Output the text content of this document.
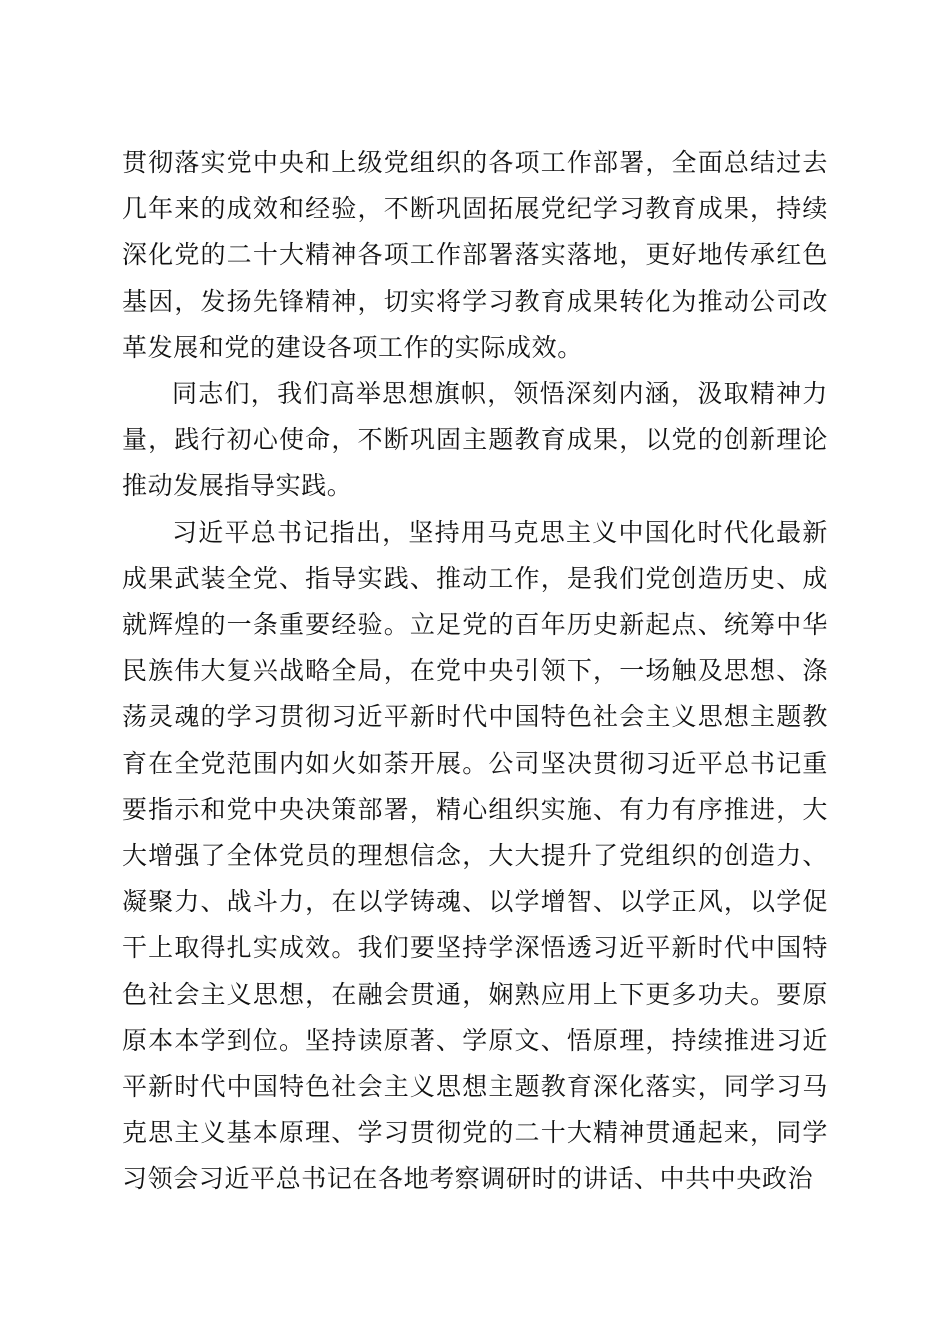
贯彻落实党中央和上级党组织的各项工作部署，全面总结过去几年来的成效和经验，不断巩固拓展党纪学习教育成果，持续深化党的二十大精神各项工作部署落实落地，更好地传承红色基因，发扬先锋精神，切实将学习教育成果转化为推动公司改革发展和党的建设各项工作的实际成效。

同志们，我们高举思想旗帜，领悟深刻内涵，汲取精神力量，践行初心使命，不断巩固主题教育成果，以党的创新理论推动发展指导实践。

习近平总书记指出，坚持用马克思主义中国化时代化最新成果武装全党、指导实践、推动工作，是我们党创造历史、成就辉煌的一条重要经验。立足党的百年历史新起点、统筹中华民族伟大复兴战略全局，在党中央引领下，一场触及思想、涤荡灵魂的学习贯彻习近平新时代中国特色社会主义思想主题教育在全党范围内如火如荼开展。公司坚决贯彻习近平总书记重要指示和党中央决策部署，精心组织实施、有力有序推进，大大增强了全体党员的理想信念，大大提升了党组织的创造力、凝聚力、战斗力，在以学铸魂、以学增智、以学正风，以学促干上取得扎实成效。我们要坚持学深悟透习近平新时代中国特色社会主义思想，在融会贯通，娴熟应用上下更多功夫。要原原本本学到位。坚持读原著、学原文、悟原理，持续推进习近平新时代中国特色社会主义思想主题教育深化落实，同学习马克思主义基本原理、学习贯彻党的二十大精神贯通起来，同学习领会习近平总书记在各地考察调研时的讲话、中共中央政治
